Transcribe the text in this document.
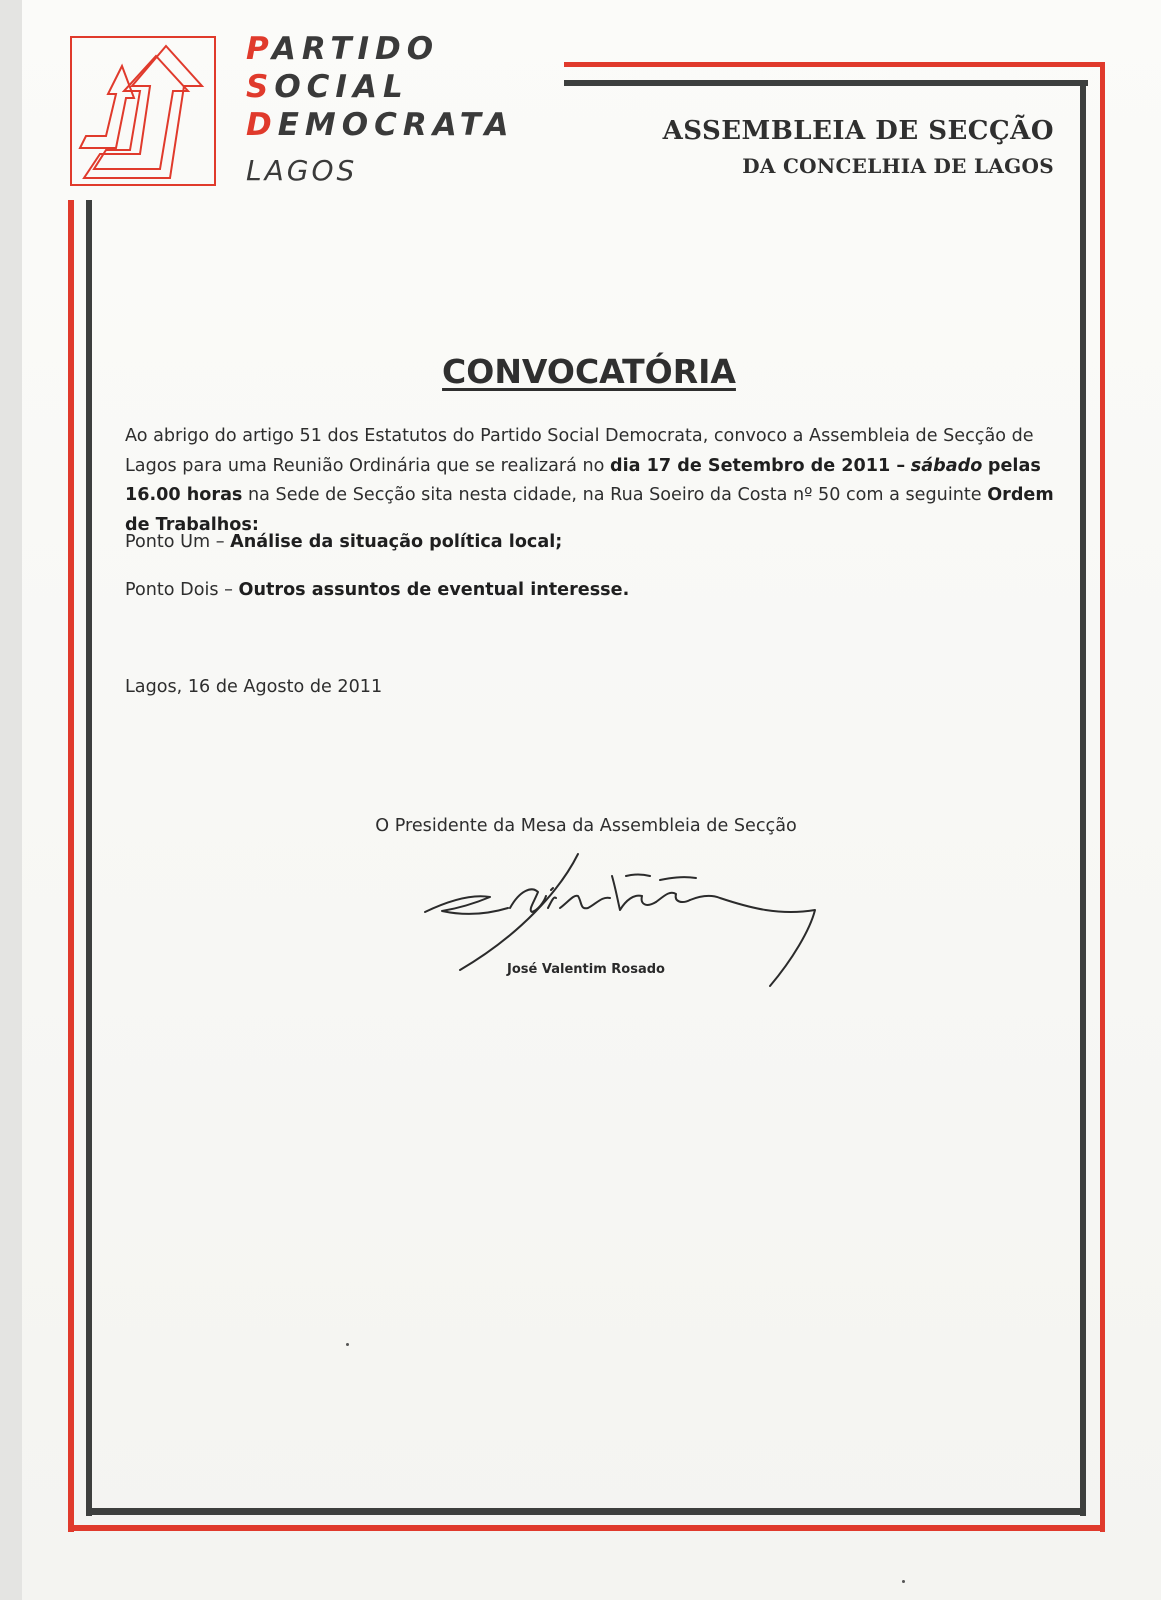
PARTIDO
SOCIAL
DEMOCRATA
LAGOS
ASSEMBLEIA DE SECÇÃO
DA CONCELHIA DE LAGOS
CONVOCATÓRIA
Ao abrigo do artigo 51 dos Estatutos do Partido Social Democrata, convoco a Assembleia de Secção de Lagos para uma Reunião Ordinária que se realizará no dia 17 de Setembro de 2011 – sábado pelas 16.00 horas na Sede de Secção sita nesta cidade, na Rua Soeiro da Costa nº 50 com a seguinte Ordem de Trabalhos:
Ponto Um – Análise da situação política local;
Ponto Dois – Outros assuntos de eventual interesse.
Lagos, 16 de Agosto de 2011
O Presidente da Mesa da Assembleia de Secção
José Valentim Rosado
